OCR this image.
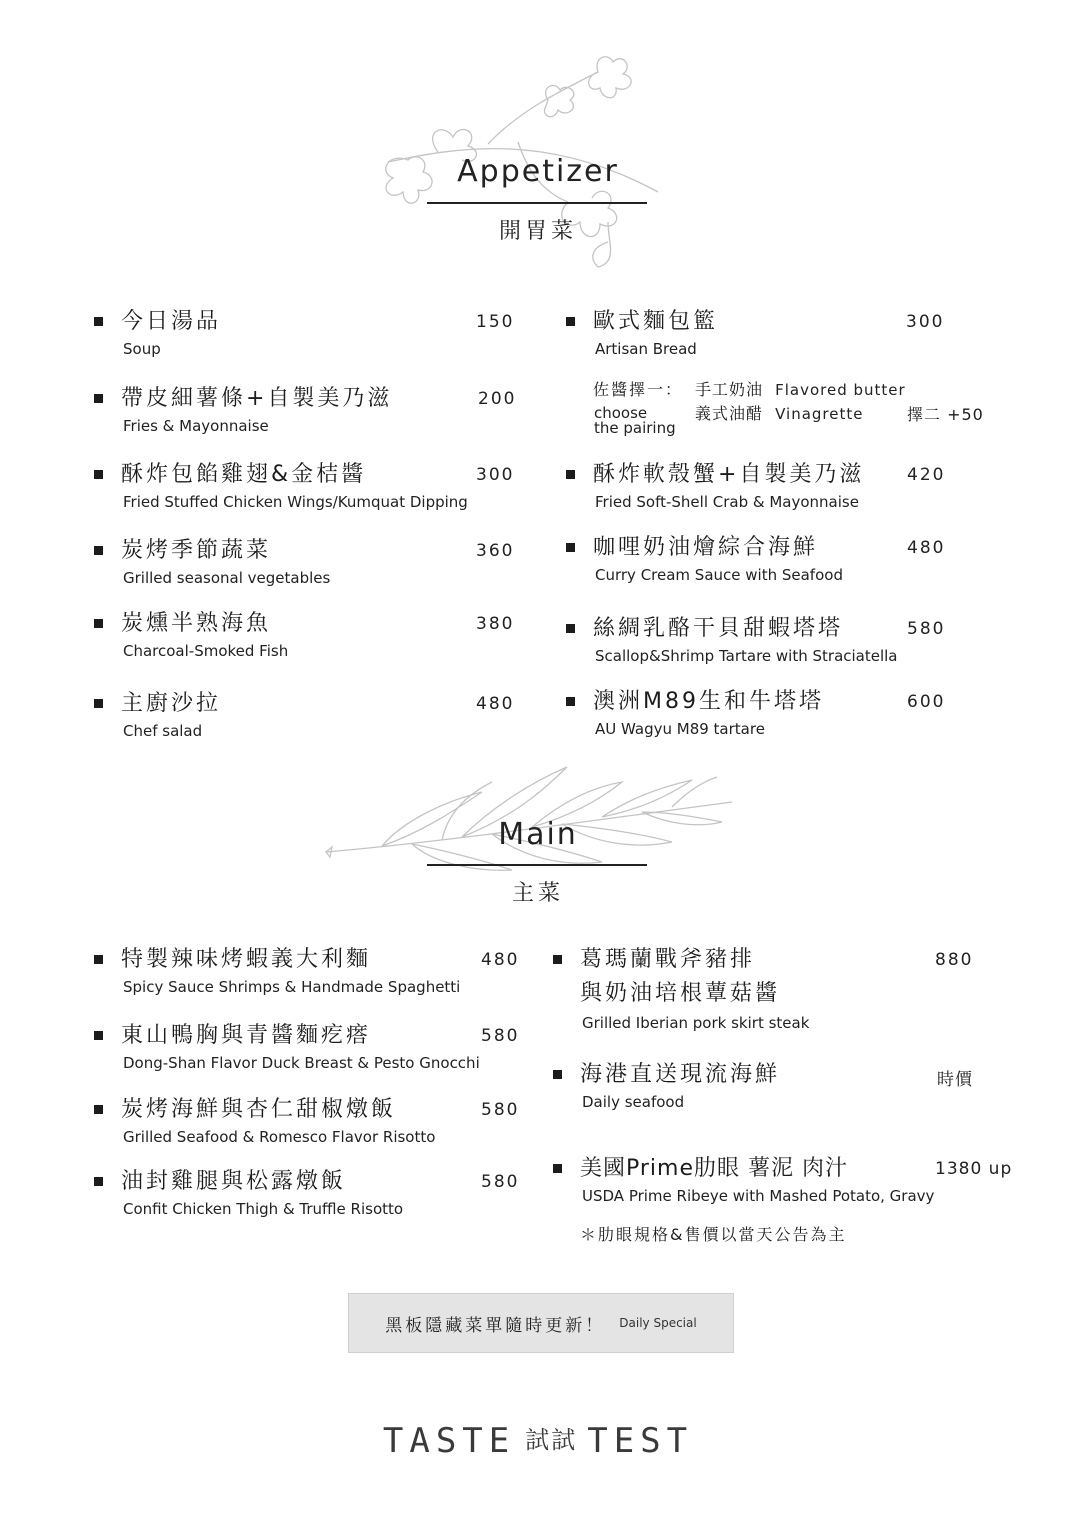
Appetizer
開胃菜
今日湯品
Soup
150
帶皮細薯條+自製美乃滋
Fries & Mayonnaise
200
酥炸包餡雞翅&金桔醬
Fried Stuffed Chicken Wings/Kumquat Dipping
300
炭烤季節蔬菜
Grilled seasonal vegetables
360
炭燻半熟海魚
Charcoal-Smoked Fish
380
主廚沙拉
Chef salad
480
歐式麵包籃
Artisan Bread
300
佐醬擇一：
choose
the pairing
手工奶油 Flavored butter
義式油醋 Vinagrette	擇二 +50
酥炸軟殼蟹+自製美乃滋
Fried Soft-Shell Crab & Mayonnaise
420
咖哩奶油燴綜合海鮮
Curry Cream Sauce with Seafood
480
絲綢乳酪干貝甜蝦塔塔
Scallop&Shrimp Tartare with Straciatella
580
澳洲M89生和牛塔塔
AU Wagyu M89 tartare
600
Main
主菜
特製辣味烤蝦義大利麵
Spicy Sauce Shrimps & Handmade Spaghetti
480
東山鴨胸與青醬麵疙瘩
Dong-Shan Flavor Duck Breast & Pesto Gnocchi
580
炭烤海鮮與杏仁甜椒燉飯
Grilled Seafood & Romesco Flavor Risotto
580
油封雞腿與松露燉飯
Confit Chicken Thigh & Truffle Risotto
580
葛瑪蘭戰斧豬排
與奶油培根蕈菇醬
Grilled Iberian pork skirt steak
880
海港直送現流海鮮
Daily seafood
時價
美國Prime肋眼 薯泥 肉汁
USDA Prime Ribeye with Mashed Potato, Gravy
1380 up
＊肋眼規格&售價以當天公告為主
黑板隱藏菜單隨時更新！ Daily Special
TASTE 試試 TEST
